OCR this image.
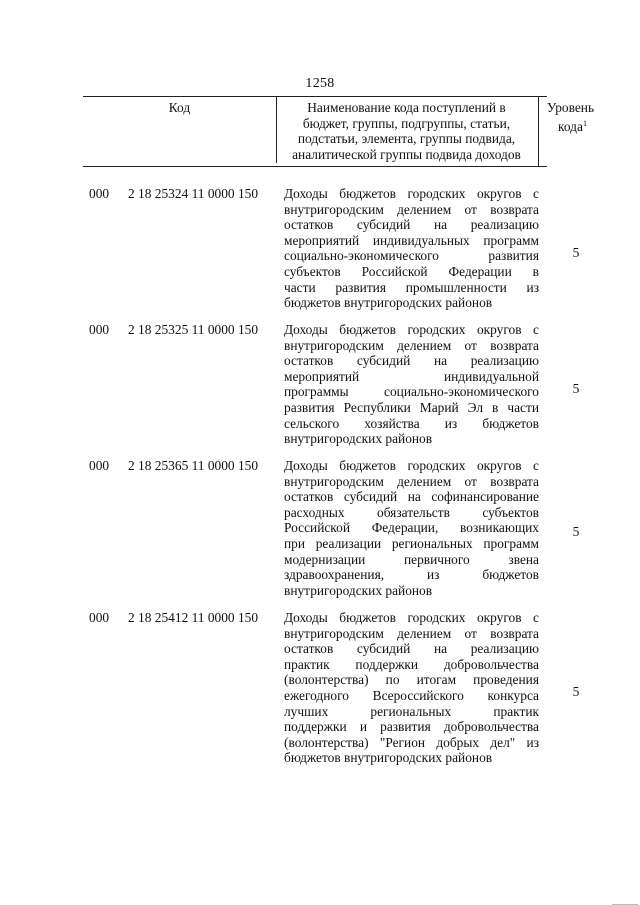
1258
Код	Наименование кода поступлений в
бюджет, группы, подгруппы, статьи,
подстатьи, элемента, группы подвида,
аналитической группы подвида доходов
Уровень
кода$^1$
000 2 18 25324 11 0000 150 Доходы бюджетов городских округов с
внутригородским делением от возврата
остатков субсидий на реализацию
мероприятий индивидуальных программ
социально-экономического развития
субъектов Российской Федерации в
части развития промышленности из
бюджетов внутригородских районов
5
000 2 18 25325 11 0000 150 Доходы бюджетов городских округов с
внутригородским делением от возврата
остатков субсидий на реализацию
мероприятий индивидуальной
программы социально-экономического
развития Республики Марий Эл в части
сельского хозяйства из бюджетов
внутригородских районов
5
000 2 18 25365 11 0000 150 Доходы бюджетов городских округов с
внутригородским делением от возврата
остатков субсидий на софинансирование
расходных обязательств субъектов
Российской Федерации, возникающих
при реализации региональных программ
модернизации первичного звена
здравоохранения, из бюджетов
внутригородских районов
5
000 2 18 25412 11 0000 150 Доходы бюджетов городских округов с
внутригородским делением от возврата
остатков субсидий на реализацию
практик поддержки добровольчества
(волонтерства) по итогам проведения
ежегодного Всероссийского конкурса
лучших региональных практик
поддержки и развития добровольчества
(волонтерства) "Регион добрых дел" из
бюджетов внутригородских районов
5
